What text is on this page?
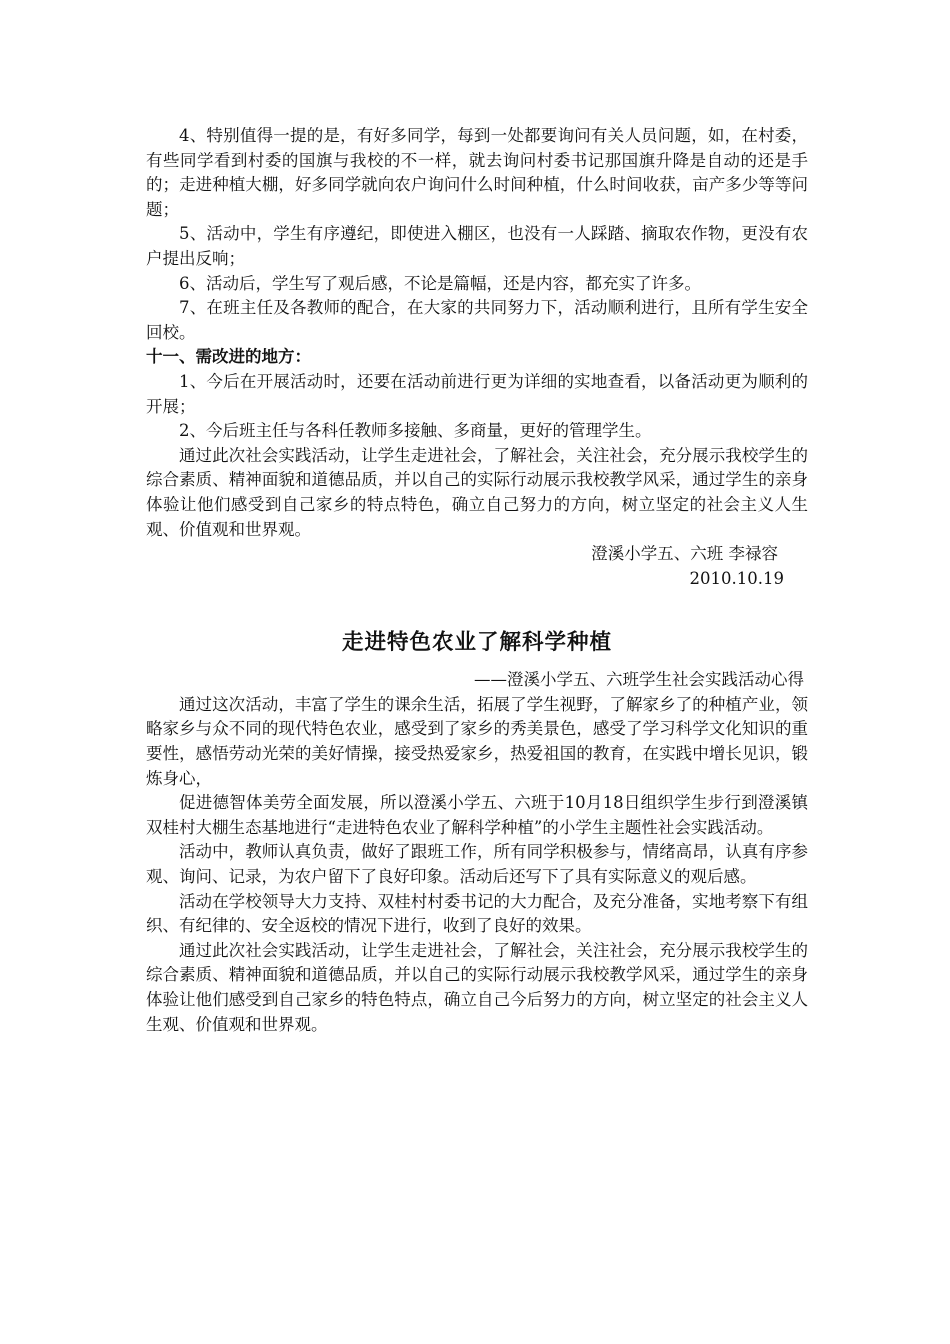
4、特别值得一提的是，有好多同学，每到一处都要询问有关人员问题，如，在村委，有些同学看到村委的国旗与我校的不一样，就去询问村委书记那国旗升降是自动的还是手的；走进种植大棚，好多同学就向农户询问什么时间种植，什么时间收获，亩产多少等等问题；

5、活动中，学生有序遵纪，即使进入棚区，也没有一人踩踏、摘取农作物，更没有农户提出反响；

6、活动后，学生写了观后感，不论是篇幅，还是内容，都充实了许多。

7、在班主任及各教师的配合，在大家的共同努力下，活动顺利进行，且所有学生安全回校。

十一、需改进的地方：

1、今后在开展活动时，还要在活动前进行更为详细的实地查看，以备活动更为顺利的开展；

2、今后班主任与各科任教师多接触、多商量，更好的管理学生。

通过此次社会实践活动，让学生走进社会，了解社会，关注社会，充分展示我校学生的综合素质、精神面貌和道德品质，并以自己的实际行动展示我校教学风采，通过学生的亲身体验让他们感受到自己家乡的特点特色，确立自己努力的方向，树立坚定的社会主义人生观、价值观和世界观。

澄溪小学五、六班 李禄容

2010.10.19

走进特色农业了解科学种植

——澄溪小学五、六班学生社会实践活动心得

通过这次活动，丰富了学生的课余生活，拓展了学生视野，了解家乡了的种植产业，领略家乡与众不同的现代特色农业，感受到了家乡的秀美景色，感受了学习科学文化知识的重要性，感悟劳动光荣的美好情操，接受热爱家乡，热爱祖国的教育，在实践中增长见识，锻炼身心，

促进德智体美劳全面发展，所以澄溪小学五、六班于10月18日组织学生步行到澄溪镇双桂村大棚生态基地进行“走进特色农业了解科学种植”的小学生主题性社会实践活动。

活动中，教师认真负责，做好了跟班工作，所有同学积极参与，情绪高昂，认真有序参观、询问、记录，为农户留下了良好印象。活动后还写下了具有实际意义的观后感。

活动在学校领导大力支持、双桂村村委书记的大力配合，及充分准备，实地考察下有组织、有纪律的、安全返校的情况下进行，收到了良好的效果。

通过此次社会实践活动，让学生走进社会，了解社会，关注社会，充分展示我校学生的综合素质、精神面貌和道德品质，并以自己的实际行动展示我校教学风采，通过学生的亲身体验让他们感受到自己家乡的特色特点，确立自己今后努力的方向，树立坚定的社会主义人生观、价值观和世界观。
